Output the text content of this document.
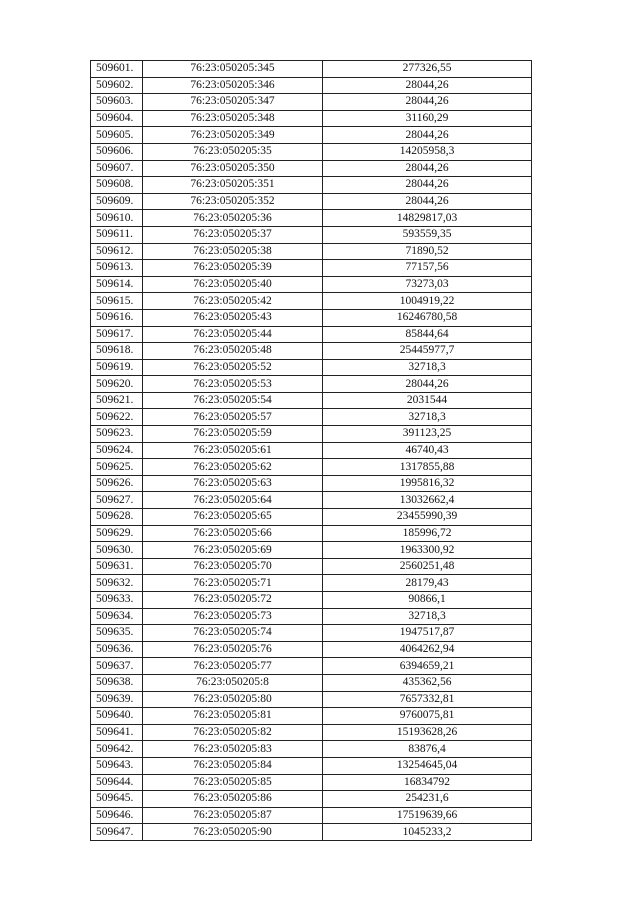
509601.	76:23:050205:345	277326,55
509602.	76:23:050205:346	28044,26
509603.	76:23:050205:347	28044,26
509604.	76:23:050205:348	31160,29
509605.	76:23:050205:349	28044,26
509606.	76:23:050205:35	14205958,3
509607.	76:23:050205:350	28044,26
509608.	76:23:050205:351	28044,26
509609.	76:23:050205:352	28044,26
509610.	76:23:050205:36	14829817,03
509611.	76:23:050205:37	593559,35
509612.	76:23:050205:38	71890,52
509613.	76:23:050205:39	77157,56
509614.	76:23:050205:40	73273,03
509615.	76:23:050205:42	1004919,22
509616.	76:23:050205:43	16246780,58
509617.	76:23:050205:44	85844,64
509618.	76:23:050205:48	25445977,7
509619.	76:23:050205:52	32718,3
509620.	76:23:050205:53	28044,26
509621.	76:23:050205:54	2031544
509622.	76:23:050205:57	32718,3
509623.	76:23:050205:59	391123,25
509624.	76:23:050205:61	46740,43
509625.	76:23:050205:62	1317855,88
509626.	76:23:050205:63	1995816,32
509627.	76:23:050205:64	13032662,4
509628.	76:23:050205:65	23455990,39
509629.	76:23:050205:66	185996,72
509630.	76:23:050205:69	1963300,92
509631.	76:23:050205:70	2560251,48
509632.	76:23:050205:71	28179,43
509633.	76:23:050205:72	90866,1
509634.	76:23:050205:73	32718,3
509635.	76:23:050205:74	1947517,87
509636.	76:23:050205:76	4064262,94
509637.	76:23:050205:77	6394659,21
509638.	76:23:050205:8	435362,56
509639.	76:23:050205:80	7657332,81
509640.	76:23:050205:81	9760075,81
509641.	76:23:050205:82	15193628,26
509642.	76:23:050205:83	83876,4
509643.	76:23:050205:84	13254645,04
509644.	76:23:050205:85	16834792
509645.	76:23:050205:86	254231,6
509646.	76:23:050205:87	17519639,66
509647.	76:23:050205:90	1045233,2
